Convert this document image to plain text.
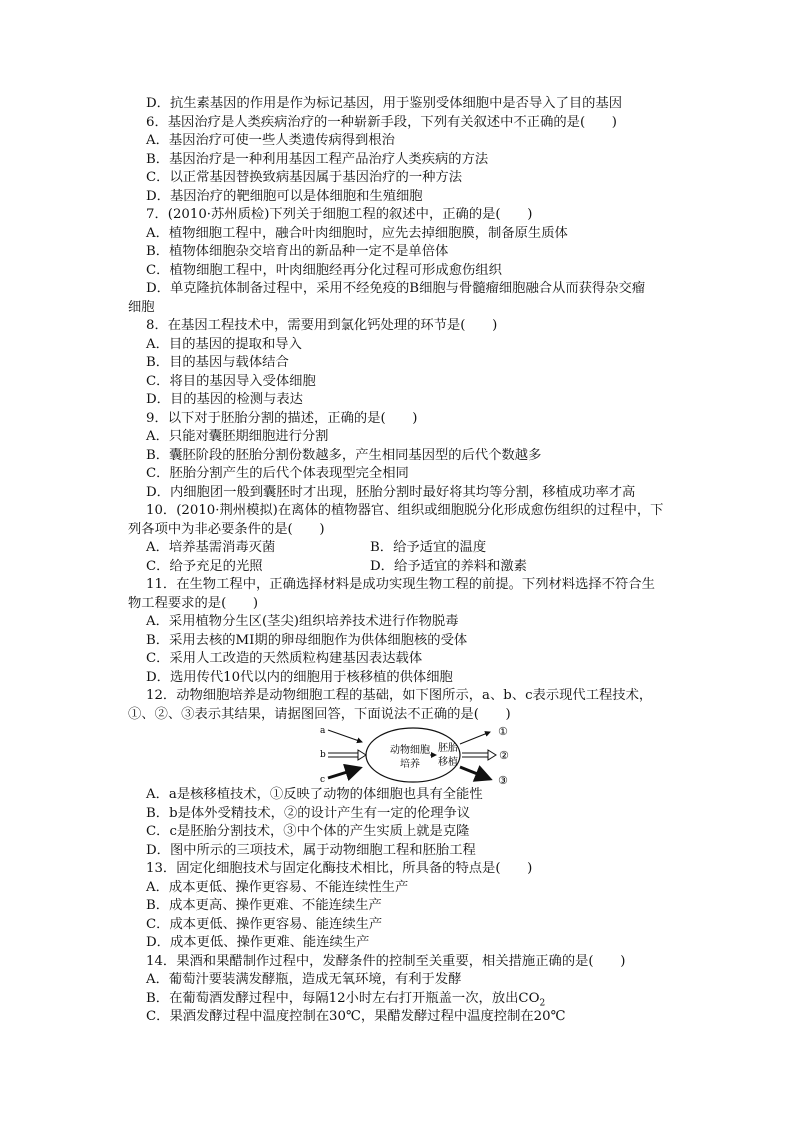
D．抗生素基因的作用是作为标记基因，用于鉴别受体细胞中是否导入了目的基因
6．基因治疗是人类疾病治疗的一种崭新手段，下列有关叙述中不正确的是(　　)
A．基因治疗可使一些人类遗传病得到根治
B．基因治疗是一种利用基因工程产品治疗人类疾病的方法
C．以正常基因替换致病基因属于基因治疗的一种方法
D．基因治疗的靶细胞可以是体细胞和生殖细胞
7．(2010·苏州质检)下列关于细胞工程的叙述中，正确的是(　　)
A．植物细胞工程中，融合叶肉细胞时，应先去掉细胞膜，制备原生质体
B．植物体细胞杂交培育出的新品种一定不是单倍体
C．植物细胞工程中，叶肉细胞经再分化过程可形成愈伤组织
D．单克隆抗体制备过程中，采用不经免疫的B细胞与骨髓瘤细胞融合从而获得杂交瘤
细胞
8．在基因工程技术中，需要用到氯化钙处理的环节是(　　)
A．目的基因的提取和导入
B．目的基因与载体结合
C．将目的基因导入受体细胞
D．目的基因的检测与表达
9．以下对于胚胎分割的描述，正确的是(　　)
A．只能对囊胚期细胞进行分割
B．囊胚阶段的胚胎分割份数越多，产生相同基因型的后代个数越多
C．胚胎分割产生的后代个体表现型完全相同
D．内细胞团一般到囊胚时才出现，胚胎分割时最好将其均等分割，移植成功率才高
10．(2010·荆州模拟)在离体的植物器官、组织或细胞脱分化形成愈伤组织的过程中，下
列各项中为非必要条件的是(　　)
A．培养基需消毒灭菌	B．给予适宜的温度
C．给予充足的光照	D．给予适宜的养料和激素
11．在生物工程中，正确选择材料是成功实现生物工程的前提。下列材料选择不符合生
物工程要求的是(　　)
A．采用植物分生区(茎尖)组织培养技术进行作物脱毒
B．采用去核的MⅠ期的卵母细胞作为供体细胞核的受体
C．采用人工改造的天然质粒构建基因表达载体
D．选用传代10代以内的细胞用于核移植的供体细胞
12．动物细胞培养是动物细胞工程的基础，如下图所示，a、b、c表示现代工程技术，
①、②、③表示其结果，请据图回答，下面说法不正确的是(　　)
a
b
c
动物细胞
培养
胚胎
移植
①
②
③
A．a是核移植技术，①反映了动物的体细胞也具有全能性
B．b是体外受精技术，②的设计产生有一定的伦理争议
C．c是胚胎分割技术，③中个体的产生实质上就是克隆
D．图中所示的三项技术，属于动物细胞工程和胚胎工程
13．固定化细胞技术与固定化酶技术相比，所具备的特点是(　　)
A．成本更低、操作更容易、不能连续性生产
B．成本更高、操作更难、不能连续生产
C．成本更低、操作更容易、能连续生产
D．成本更低、操作更难、能连续生产
14．果酒和果醋制作过程中，发酵条件的控制至关重要，相关措施正确的是(　　)
A．葡萄汁要装满发酵瓶，造成无氧环境，有利于发酵
B．在葡萄酒发酵过程中，每隔12小时左右打开瓶盖一次，放出$CO_2$
C．果酒发酵过程中温度控制在30℃，果醋发酵过程中温度控制在20℃
